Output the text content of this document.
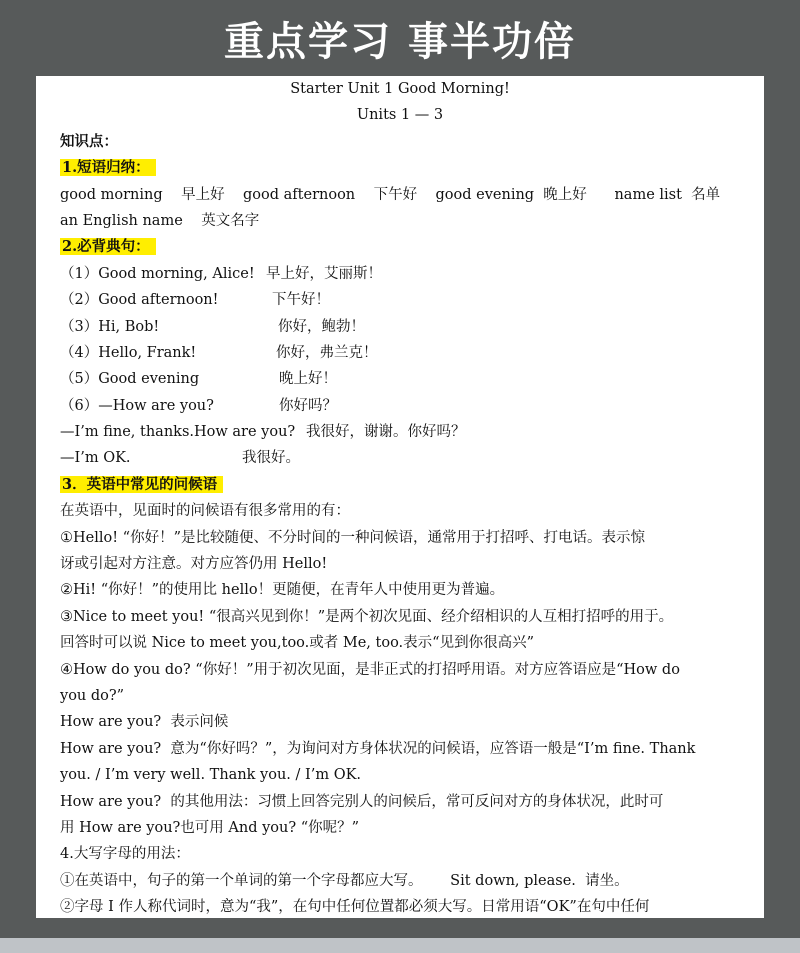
重点学习 事半功倍
Starter Unit 1 Good Morning!
Units 1 — 3
知识点：
1.短语归纳：
good morning    早上好    good afternoon    下午好    good evening  晚上好      name list  名单
an English name    英文名字
2.必背典句：
（1）Good morning, Alice! 早上好，艾丽斯！
（2）Good afternoon!	下午好！
（3）Hi, Bob!	你好，鲍勃！
（4）Hello, Frank!	你好，弗兰克！
（5）Good evening	晚上好！
（6）—How are you?	你好吗？
—I’m fine, thanks.How are you? 我很好，谢谢。你好吗？
—I’m OK.	我很好。
3．英语中常见的问候语
在英语中，见面时的问候语有很多常用的有：
①Hello! “你好！”是比较随便、不分时间的一种问候语，通常用于打招呼、打电话。表示惊
讶或引起对方注意。对方应答仍用 Hello!
②Hi! “你好！”的使用比 hello！更随便，在青年人中使用更为普遍。
③Nice to meet you! “很高兴见到你！”是两个初次见面、经介绍相识的人互相打招呼的用于。
回答时可以说 Nice to meet you,too.或者 Me, too.表示“见到你很高兴”
④How do you do? “你好！”用于初次见面，是非正式的打招呼用语。对方应答语应是“How do
you do?”
How are you?  表示问候
How are you?  意为“你好吗？”，为询问对方身体状况的问候语，应答语一般是“I’m fine. Thank
you. / I’m very well. Thank you. / I’m OK.
How are you?  的其他用法：习惯上回答完别人的问候后，常可反问对方的身体状况，此时可
用 How are you?也可用 And you? “你呢？”
4.大写字母的用法：
①在英语中，句子的第一个单词的第一个字母都应大写。      Sit down, please.  请坐。
②字母 I 作人称代词时，意为“我”，在句中任何位置都必须大写。日常用语“OK”在句中任何
